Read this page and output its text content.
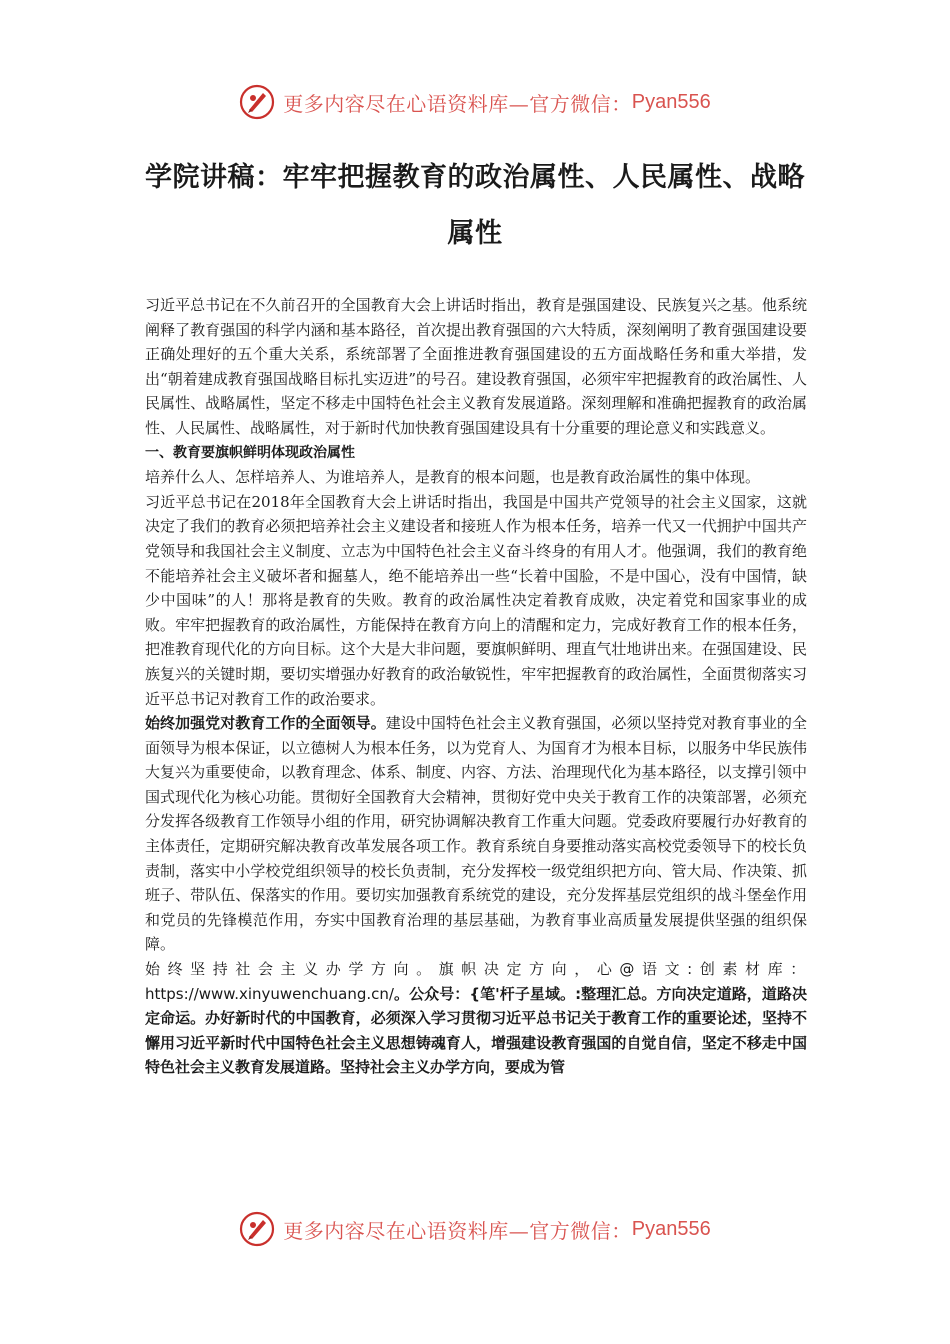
更多内容尽在心语资料库—官方微信： Pyan556
学院讲稿：牢牢把握教育的政治属性、人民属性、战略属性

习近平总书记在不久前召开的全国教育大会上讲话时指出，教育是强国建设、民族复兴之基。他系统阐释了教育强国的科学内涵和基本路径，首次提出教育强国的六大特质，深刻阐明了教育强国建设要正确处理好的五个重大关系，系统部署了全面推进教育强国建设的五方面战略任务和重大举措，发出“朝着建成教育强国战略目标扎实迈进”的号召。建设教育强国，必须牢牢把握教育的政治属性、人民属性、战略属性，坚定不移走中国特色社会主义教育发展道路。深刻理解和准确把握教育的政治属性、人民属性、战略属性，对于新时代加快教育强国建设具有十分重要的理论意义和实践意义。

一、教育要旗帜鲜明体现政治属性

培养什么人、怎样培养人、为谁培养人，是教育的根本问题，也是教育政治属性的集中体现。

习近平总书记在2018年全国教育大会上讲话时指出，我国是中国共产党领导的社会主义国家，这就决定了我们的教育必须把培养社会主义建设者和接班人作为根本任务，培养一代又一代拥护中国共产党领导和我国社会主义制度、立志为中国特色社会主义奋斗终身的有用人才。他强调，我们的教育绝不能培养社会主义破坏者和掘墓人，绝不能培养出一些“长着中国脸，不是中国心，没有中国情，缺少中国味”的人！那将是教育的失败。教育的政治属性决定着教育成败，决定着党和国家事业的成败。牢牢把握教育的政治属性，方能保持在教育方向上的清醒和定力，完成好教育工作的根本任务，把准教育现代化的方向目标。这个大是大非问题，要旗帜鲜明、理直气壮地讲出来。在强国建设、民族复兴的关键时期，要切实增强办好教育的政治敏锐性，牢牢把握教育的政治属性，全面贯彻落实习近平总书记对教育工作的政治要求。

始终加强党对教育工作的全面领导。建设中国特色社会主义教育强国，必须以坚持党对教育事业的全面领导为根本保证，以立德树人为根本任务，以为党育人、为国育才为根本目标，以服务中华民族伟大复兴为重要使命，以教育理念、体系、制度、内容、方法、治理现代化为基本路径，以支撑引领中国式现代化为核心功能。贯彻好全国教育大会精神，贯彻好党中央关于教育工作的决策部署，必须充分发挥各级教育工作领导小组的作用，研究协调解决教育工作重大问题。党委政府要履行办好教育的主体责任，定期研究解决教育改革发展各项工作。教育系统自身要推动落实高校党委领导下的校长负责制，落实中小学校党组织领导的校长负责制，充分发挥校一级党组织把方向、管大局、作决策、抓班子、带队伍、保落实的作用。要切实加强教育系统党的建设，充分发挥基层党组织的战斗堡垒作用和党员的先锋模范作用，夯实中国教育治理的基层基础，为教育事业高质量发展提供坚强的组织保障。

始终坚持社会主义办学方向。旗帜决定方向，心@语文:创素材库：https://www.xinyuwenchuang.cn/。公众号：{笔'杆子星域。:整理汇总。方向决定道路，道路决定命运。办好新时代的中国教育，必须深入学习贯彻习近平总书记关于教育工作的重要论述，坚持不懈用习近平新时代中国特色社会主义思想铸魂育人，增强建设教育强国的自觉自信，坚定不移走中国特色社会主义教育发展道路。坚持社会主义办学方向，要成为管

更多内容尽在心语资料库—官方微信： Pyan556
